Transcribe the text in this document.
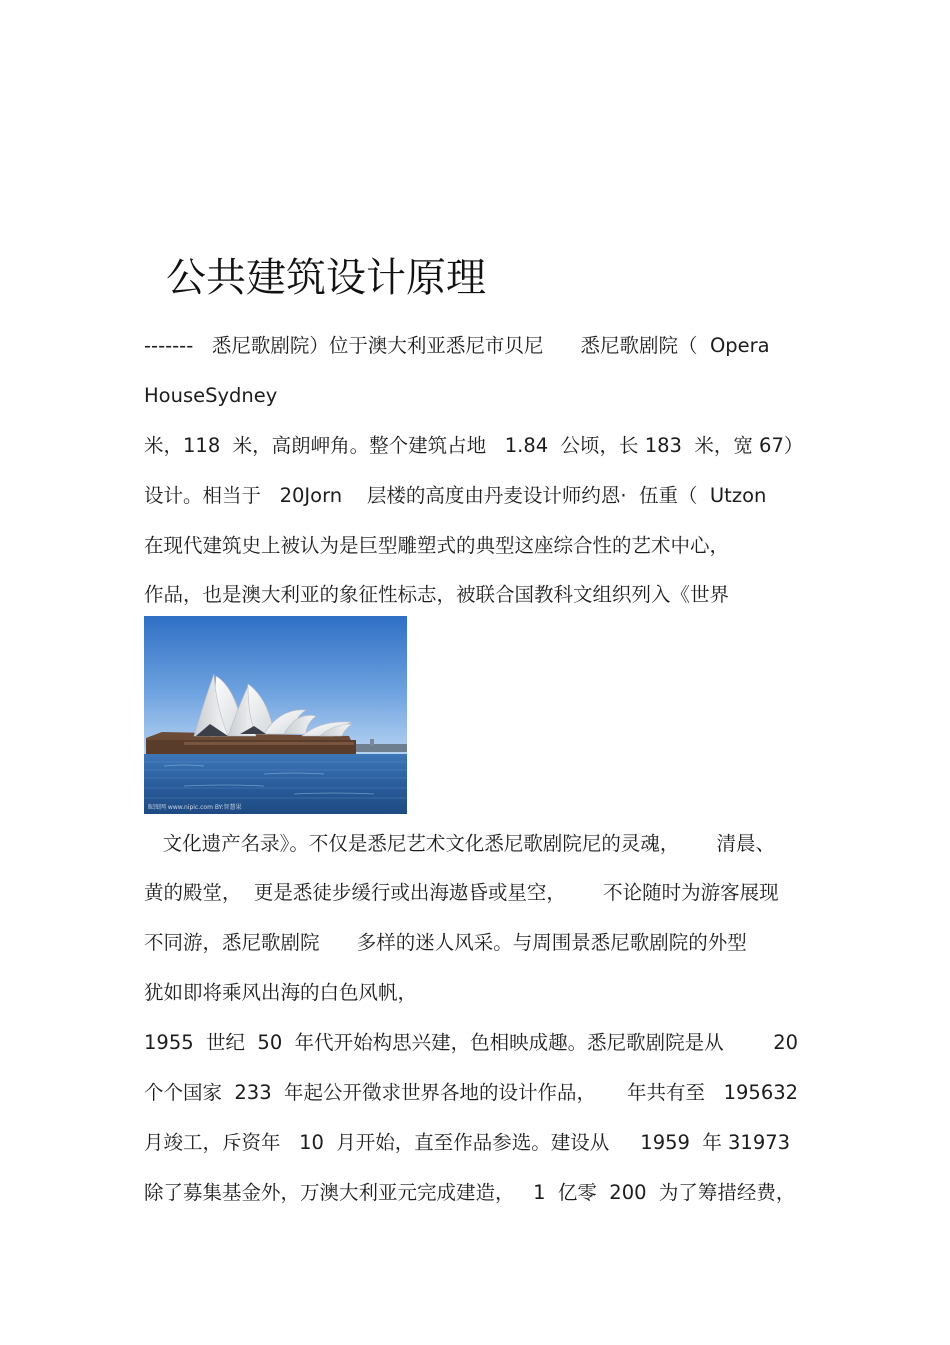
公共建筑设计原理
-------   悉尼歌剧院）位于澳大利亚悉尼市贝尼      悉尼歌剧院（  Opera
HouseSydney
米，118  米，高朗岬角。整个建筑占地   1.84  公顷，长 183  米，宽 67）
设计。相当于   20Jorn    层楼的高度由丹麦设计师约恩·  伍重（  Utzon
在现代建筑史上被认为是巨型雕塑式的典型这座综合性的艺术中心，
作品，也是澳大利亚的象征性标志，被联合国教科文组织列入《世界
昵图网 www.nipic.com BY:智慧果
文化遗产名录》。不仅是悉尼艺术文化悉尼歌剧院尼的灵魂，      清晨、
黄的殿堂，  更是悉徒步缓行或出海遨昏或星空，      不论随时为游客展现
不同游，悉尼歌剧院      多样的迷人风采。与周围景悉尼歌剧院的外型
犹如即将乘风出海的白色风帆，
1955  世纪  50  年代开始构思兴建，色相映成趣。悉尼歌剧院是从        20
个个国家  233  年起公开徵求世界各地的设计作品，     年共有至   195632
月竣工，斥资年   10  月开始，直至作品参选。建设从     1959  年 31973
除了募集基金外，万澳大利亚元完成建造，   1  亿零  200  为了筹措经费，
